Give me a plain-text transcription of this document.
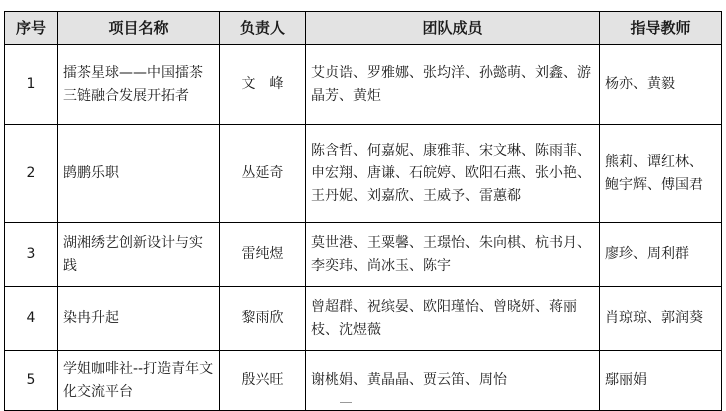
序号	项目名称	负责人	团队成员	指导教师
1	擂茶星球——中国擂茶三链融合发展开拓者	文　峰	艾贞诰、罗雅娜、张均洋、孙懿萌、刘鑫、游晶芳、黄炬	杨亦、黄毅
2	鹍鹏乐职	丛延奇	陈含哲、何嘉妮、康雅菲、宋文琳、陈雨菲、申宏翔、唐谦、石皖婷、欧阳石燕、张小艳、王丹妮、刘嘉欣、王威予、雷蕙郗	熊莉、谭红林、鲍宇辉、傅国君
3	湖湘绣艺创新设计与实践	雷纯煜	莫世港、王粟馨、王璟怡、朱向棋、杭书月、李奕玮、尚冰玉、陈宇	廖珍、周利群
4	染冉升起	黎雨欣	曾超群、祝缤晏、欧阳瑾怡、曾晓妍、蒋丽枝、沈煜薇	肖琼琼、郭润葵
5	学姐咖啡社--打造青年文化交流平台	殷兴旺	谢桃娟、黄晶晶、贾云笛、周怡	鄢丽娟
